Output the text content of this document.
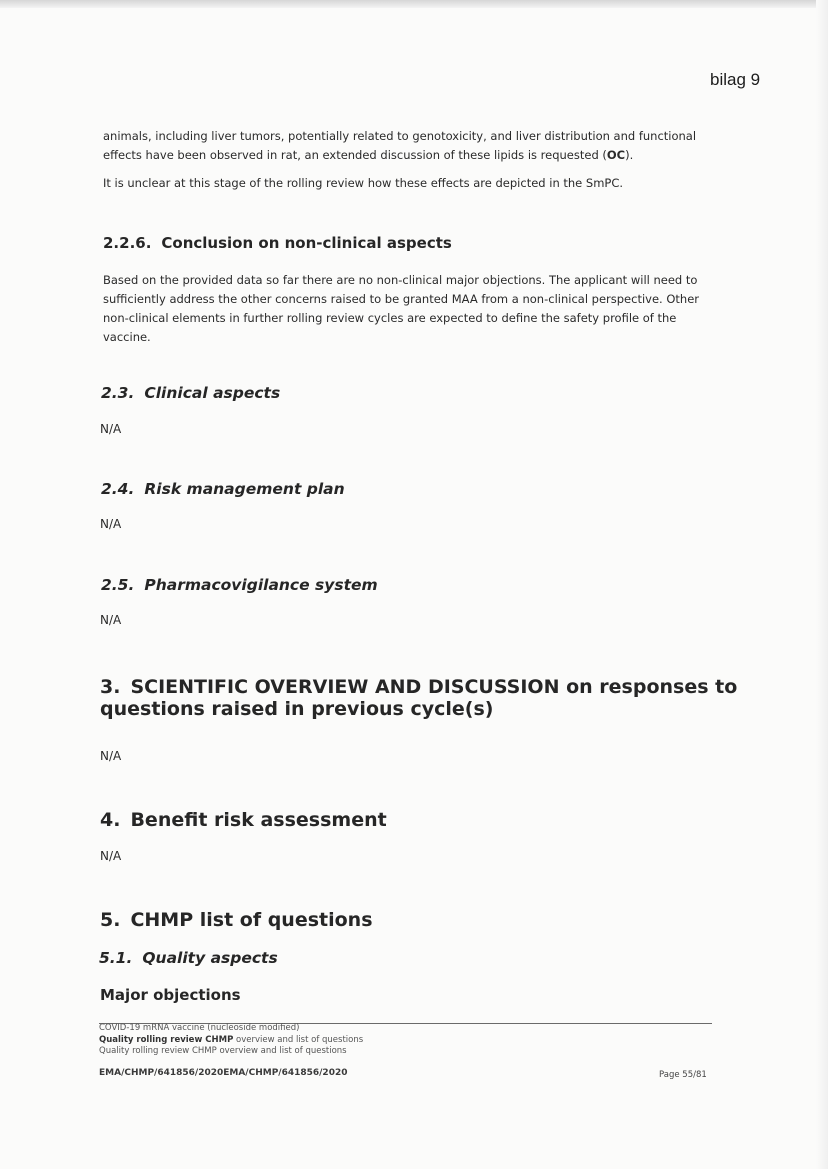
bilag 9
animals, including liver tumors, potentially related to genotoxicity, and liver distribution and functional
effects have been observed in rat, an extended discussion of these lipids is requested (OC).
It is unclear at this stage of the rolling review how these effects are depicted in the SmPC.
2.2.6. Conclusion on non-clinical aspects
Based on the provided data so far there are no non-clinical major objections. The applicant will need to
sufficiently address the other concerns raised to be granted MAA from a non-clinical perspective. Other
non-clinical elements in further rolling review cycles are expected to define the safety profile of the
vaccine.
2.3. Clinical aspects
N/A
2.4. Risk management plan
N/A
2.5. Pharmacovigilance system
N/A
3. SCIENTIFIC OVERVIEW AND DISCUSSION on responses to
questions raised in previous cycle(s)
N/A
4. Benefit risk assessment
N/A
5. CHMP list of questions
5.1. Quality aspects
Major objections
COVID-19 mRNA vaccine (nucleoside modified)
Quality rolling review CHMP overview and list of questions
Quality rolling review CHMP overview and list of questions
EMA/CHMP/641856/2020EMA/CHMP/641856/2020	Page 55/81
